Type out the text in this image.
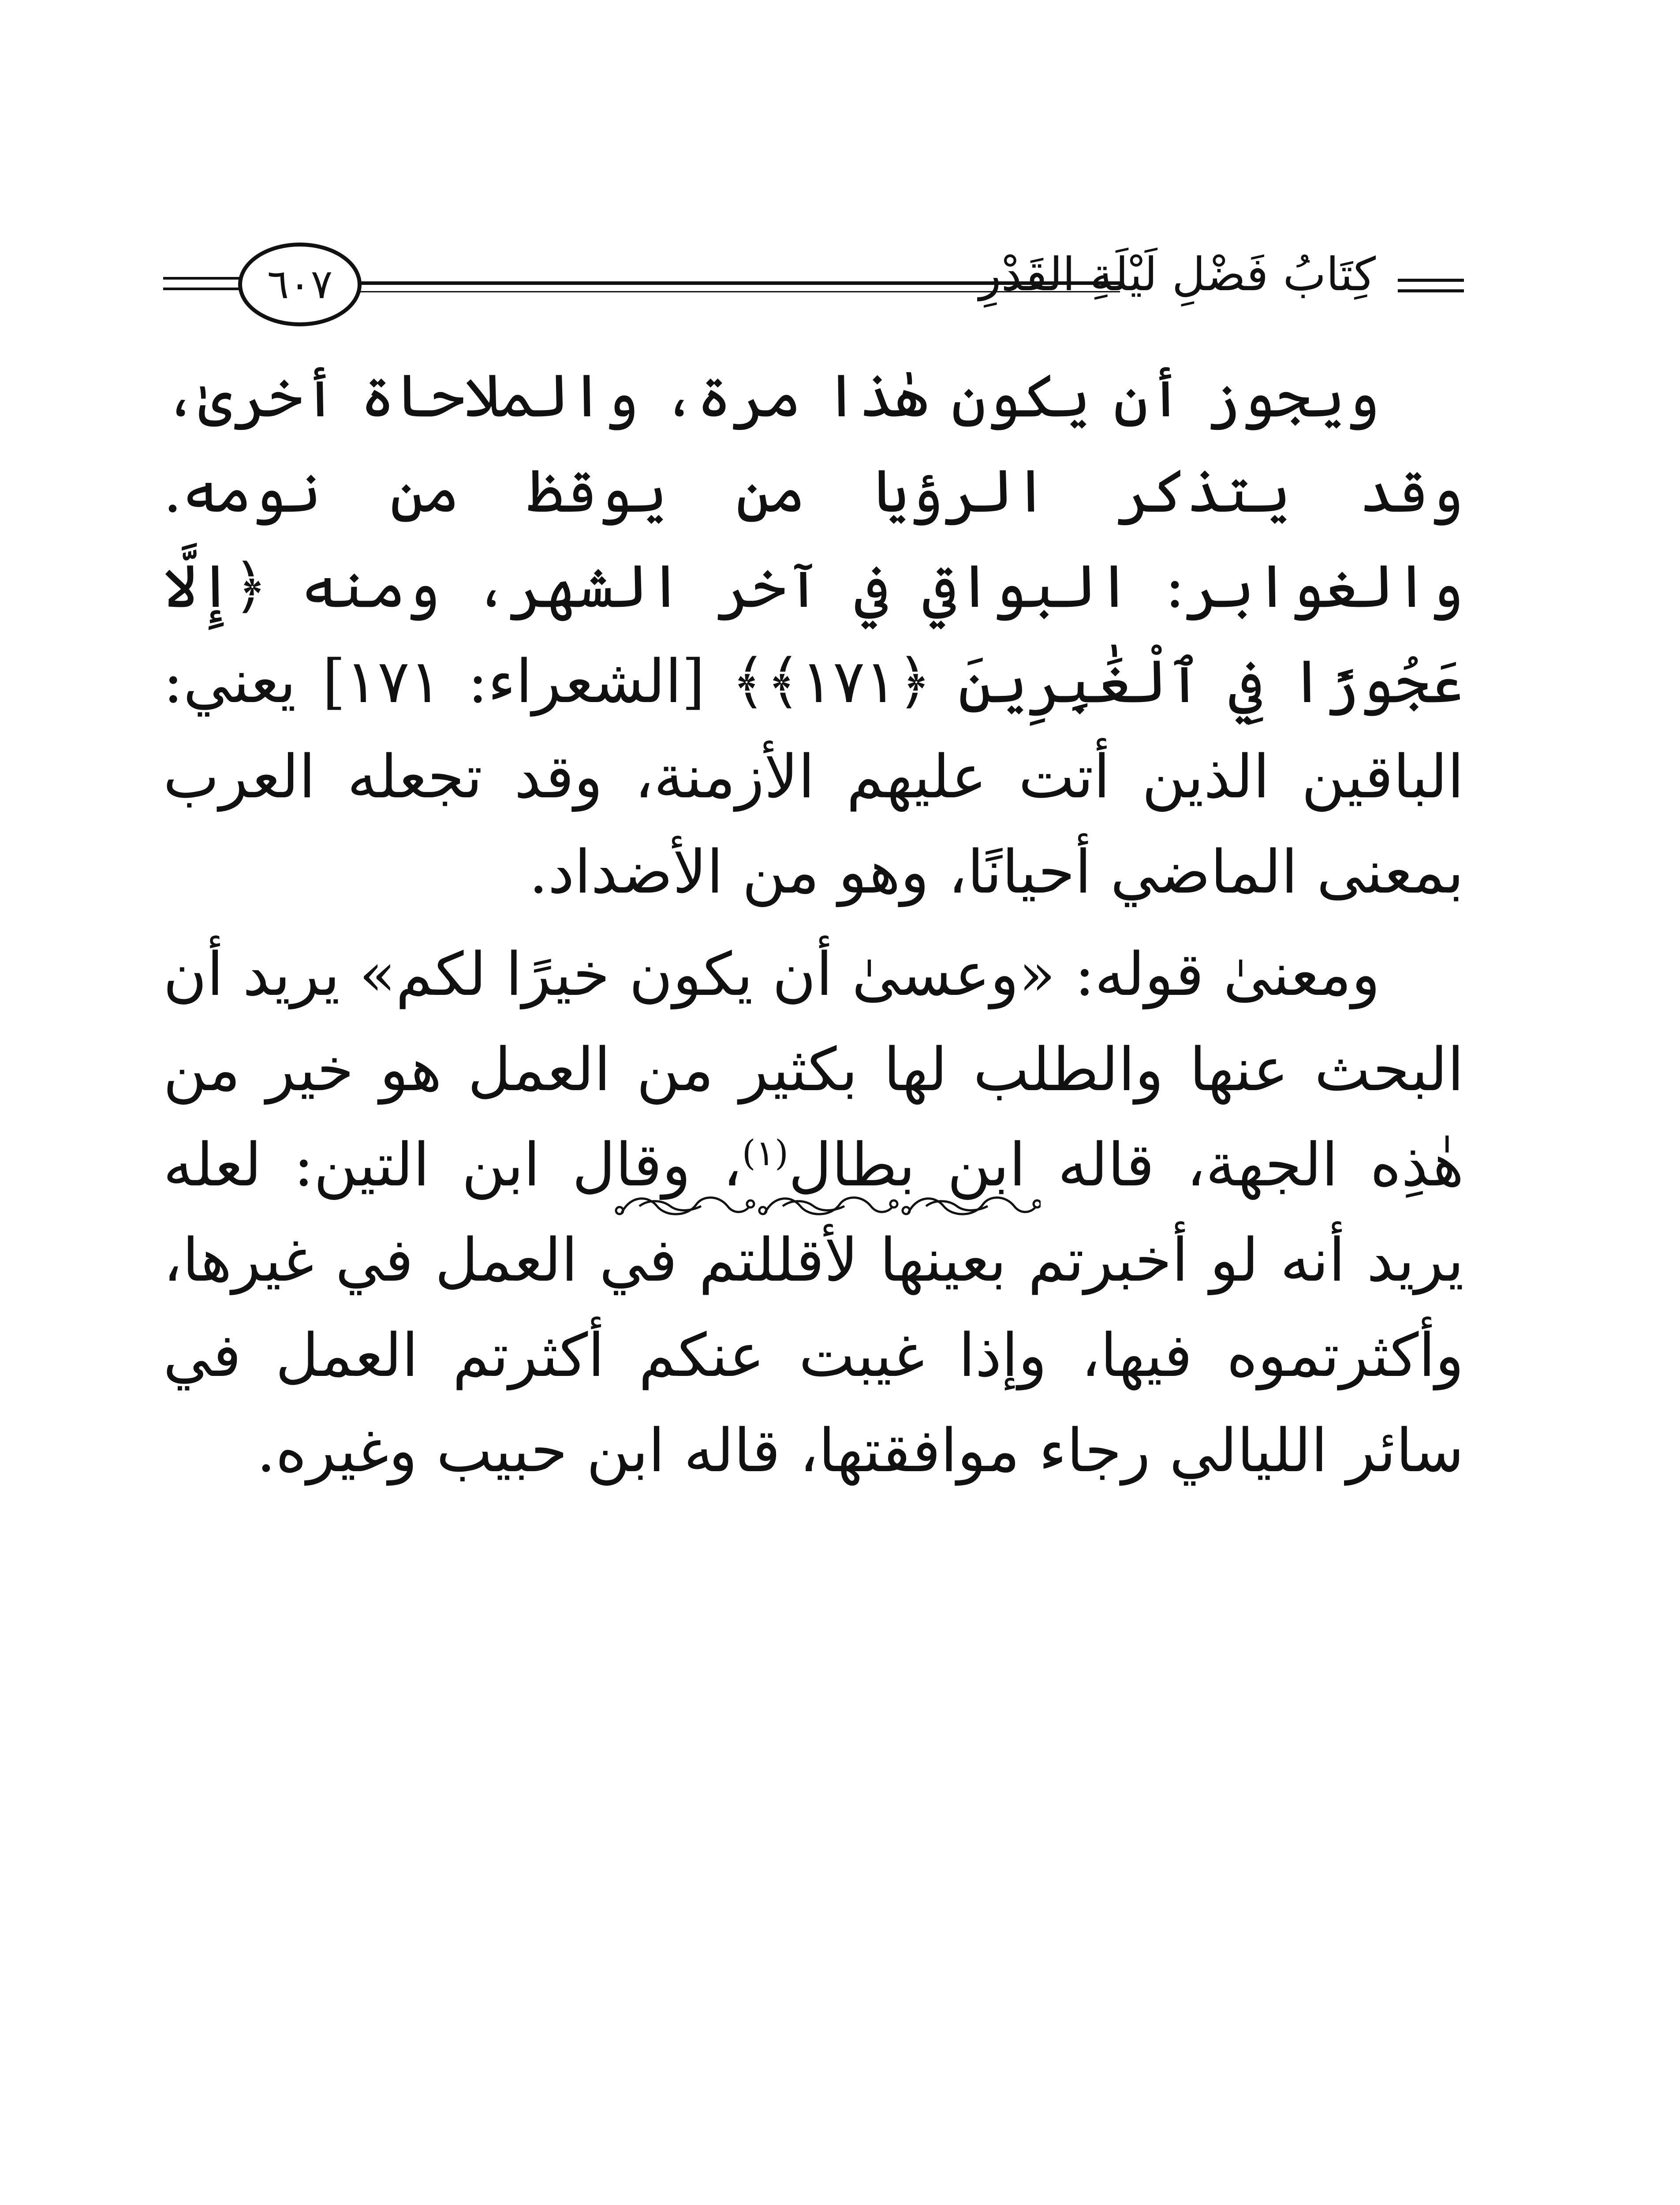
٦٠٧	كِتَابُ فَضْلِ لَيْلَةِ القَدْرِ

ويجوز أن يكون هٰذا مرة، والملاحاة أخرىٰ، وقد يتذكر الرؤيا من يوقظ من نومه. والغوابر: البواقي في آخر الشهر، ومنه ﴿إِلَّا عَجُوزًا فِي ٱلْغَٰبِرِينَ ﴿١٧١﴾﴾ [الشعراء: ١٧١] يعني: الباقين الذين أتت عليهم الأزمنة، وقد تجعله العرب بمعنى الماضي أحيانًا، وهو من الأضداد.

ومعنىٰ قوله: «وعسىٰ أن يكون خيرًا لكم» يريد أن البحث عنها والطلب لها بكثير من العمل هو خير من هٰذِه الجهة، قاله ابن بطال$^{(١)}$، وقال ابن التين: لعله يريد أنه لو أخبرتم بعينها لأقللتم في العمل في غيرها، وأكثرتموه فيها، وإذا غيبت عنكم أكثرتم العمل في سائر الليالي رجاء موافقتها، قاله ابن حبيب وغيره.
